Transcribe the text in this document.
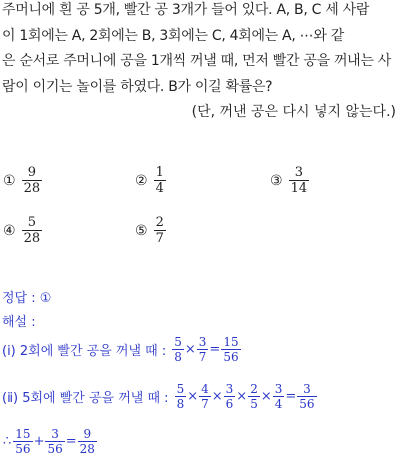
주머니에 흰 공 5개, 빨간 공 3개가 들어 있다. A, B, C 세 사람
이 1회에는 A, 2회에는 B, 3회에는 C, 4회에는 A, ⋯와 같
은 순서로 주머니에 공을 1개씩 꺼낼 때, 먼저 빨간 공을 꺼내는 사
람이 이기는 놀이를 하였다. B가 이길 확률은?
(단, 꺼낸 공은 다시 넣지 않는다.)
① $\frac{9}{28}$	② $\frac{1}{4}$	③ $\frac{3}{14}$
④ $\frac{5}{28}$	⑤ $\frac{2}{7}$
정답 : ①
해설 :
(ⅰ) 2회에 빨간 공을 꺼낼 때 : $\frac{5}{8} \times \frac{3}{7} = \frac{15}{56}$
(ⅱ) 5회에 빨간 공을 꺼낼 때 : $\frac{5}{8} \times \frac{4}{7} \times \frac{3}{6} \times \frac{2}{5} \times \frac{3}{4} = \frac{3}{56}$
∴ $\frac{15}{56} + \frac{3}{56} = \frac{9}{28}$
